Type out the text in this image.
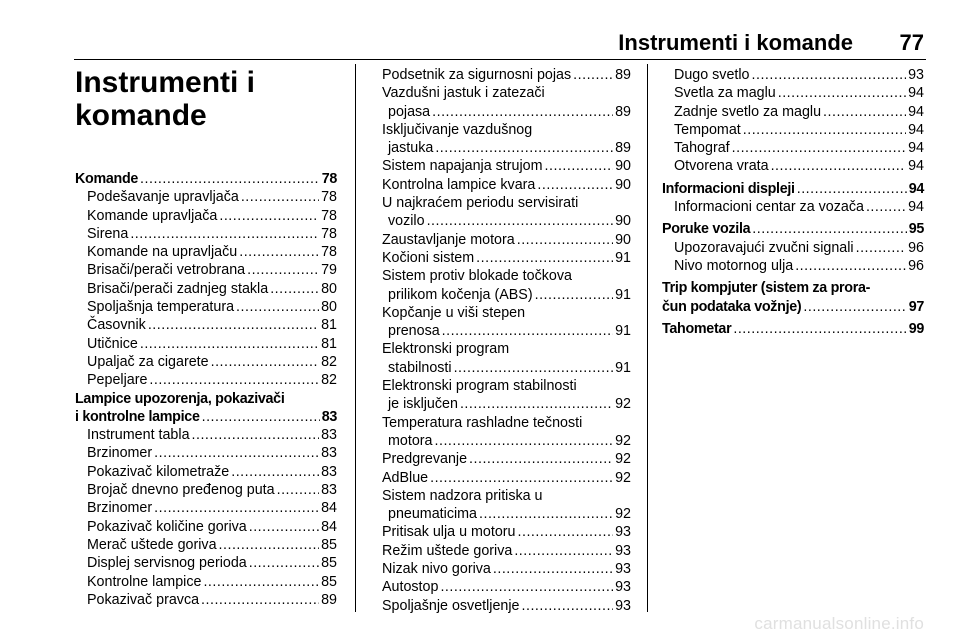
Instrumenti i komande 77
Instrumenti i
komande
Komande .....	78
Podešavanje upravljača .....	78
Komande upravljača .....	78
Sirena .....	78
Komande na upravljaču .....	78
Brisači/perači vetrobrana .....	79
Brisači/perači zadnjeg stakla .....	80
Spoljašnja temperatura .....	80
Časovnik .....	81
Utičnice .....	81
Upaljač za cigarete .....	82
Pepeljare .....	82
Lampice upozorenja, pokazivači
i kontrolne lampice .....	83
Instrument tabla .....	83
Brzinomer .....	83
Pokazivač kilometraže .....	83
Brojač dnevno pređenog puta .....	83
Brzinomer .....	84
Pokazivač količine goriva .....	84
Merač uštede goriva .....	85
Displej servisnog perioda .....	85
Kontrolne lampice .....	85
Pokazivač pravca .....	89
Podsetnik za sigurnosni pojas .....	89
Vazdušni jastuk i zatezači
pojasa .....	89
Isključivanje vazdušnog
jastuka .....	89
Sistem napajanja strujom .....	90
Kontrolna lampice kvara .....	90
U najkraćem periodu servisirati
vozilo .....	90
Zaustavljanje motora .....	90
Kočioni sistem .....	91
Sistem protiv blokade točkova
prilikom kočenja (ABS) .....	91
Kopčanje u viši stepen
prenosa .....	91
Elektronski program
stabilnosti .....	91
Elektronski program stabilnosti
je isključen .....	92
Temperatura rashladne tečnosti
motora .....	92
Predgrevanje .....	92
AdBlue .....	92
Sistem nadzora pritiska u
pneumaticima .....	92
Pritisak ulja u motoru .....	93
Režim uštede goriva .....	93
Nizak nivo goriva .....	93
Autostop .....	93
Spoljašnje osvetljenje .....	93
Dugo svetlo .....	93
Svetla za maglu .....	94
Zadnje svetlo za maglu .....	94
Tempomat .....	94
Tahograf .....	94
Otvorena vrata .....	94
Informacioni displeji .....	94
Informacioni centar za vozača .....	94
Poruke vozila .....	95
Upozoravajući zvučni signali .....	96
Nivo motornog ulja .....	96
Trip kompjuter (sistem za prora-
čun podataka vožnje) .....	97
Tahometar .....	99
carmanualsonline.info
